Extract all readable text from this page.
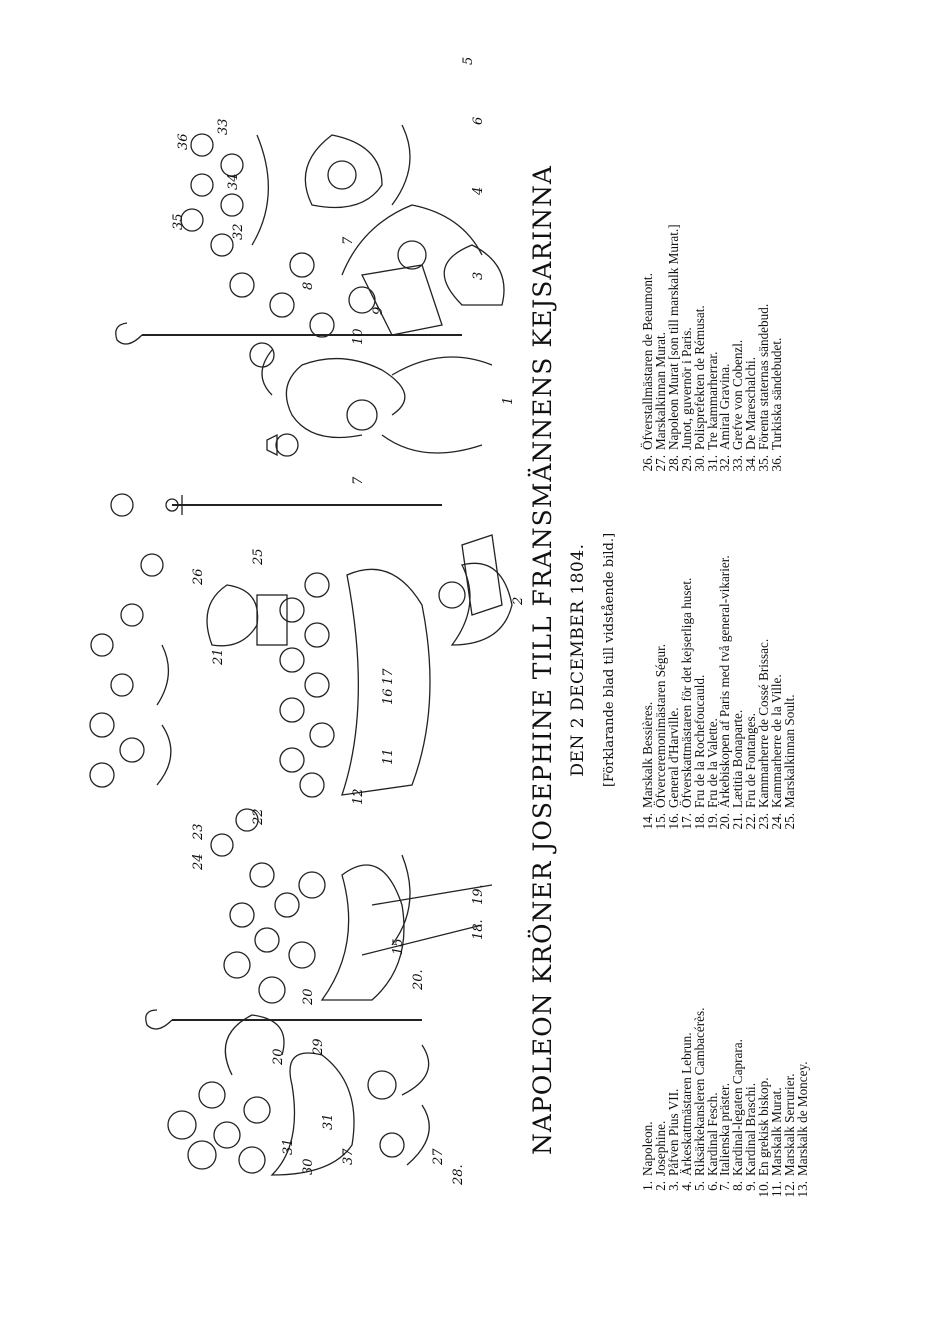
30
37
31
31
27
28.
20
29
20
20.
15
18.
19.
24
23
22
12
11
16
17
21
26
25
2
1
7
10
9
8
3
4
7
32
35
34
36
33
5
6
NAPOLEON KRÖNER JOSEPHINE TILL FRANSMÄNNENS KEJSARINNA DEN 2 DECEMBER 1804. [Förklarande blad till vidstående bild.]
1.Napoleon.
2.Josephine.
3.Påfven Pius VII.
4.Ärkeskattmästaren Lebrun.
5.Riksärkekansleren Cambacérès.
6.Kardinal Fesch.
7.Italienska präster.
8.Kardinal-legaten Caprara.
9.Kardinal Braschi.
10.En grekisk biskop.
11.Marskalk Murat.
12.Marskalk Serrurier.
13.Marskalk de Moncey.
14.Marskalk Bessières.
15.Öfverceremonimästaren Ségur.
16.General d'Harville.
17.Öfverskattmästaren för det kejserliga huset.
18.Fru de la Rochefoucauld.
19.Fru de la Valette.
20.Ärkebiskopen af Paris med två general-vikarier.
21.Lætitia Bonaparte.
22.Fru de Fontanges.
23.Kammarherre de Cossé Brissac.
24.Kammarherre de la Ville.
25.Marskalkinnan Soult.
26.Öfverstallmästaren de Beaumont.
27.Marskalkinnan Murat.
28.Napoleon Murat [son till marskalk Murat.]
29.Junot, guvernör i Paris.
30.Polisprefekten de Rémusat.
31.Tre kammarherrar.
32.Amiral Gravina.
33.Grefve von Cobenzl.
34.De Mareschalchi.
35.Förenta staternas sändebud.
36.Turkiska sändebudet.
